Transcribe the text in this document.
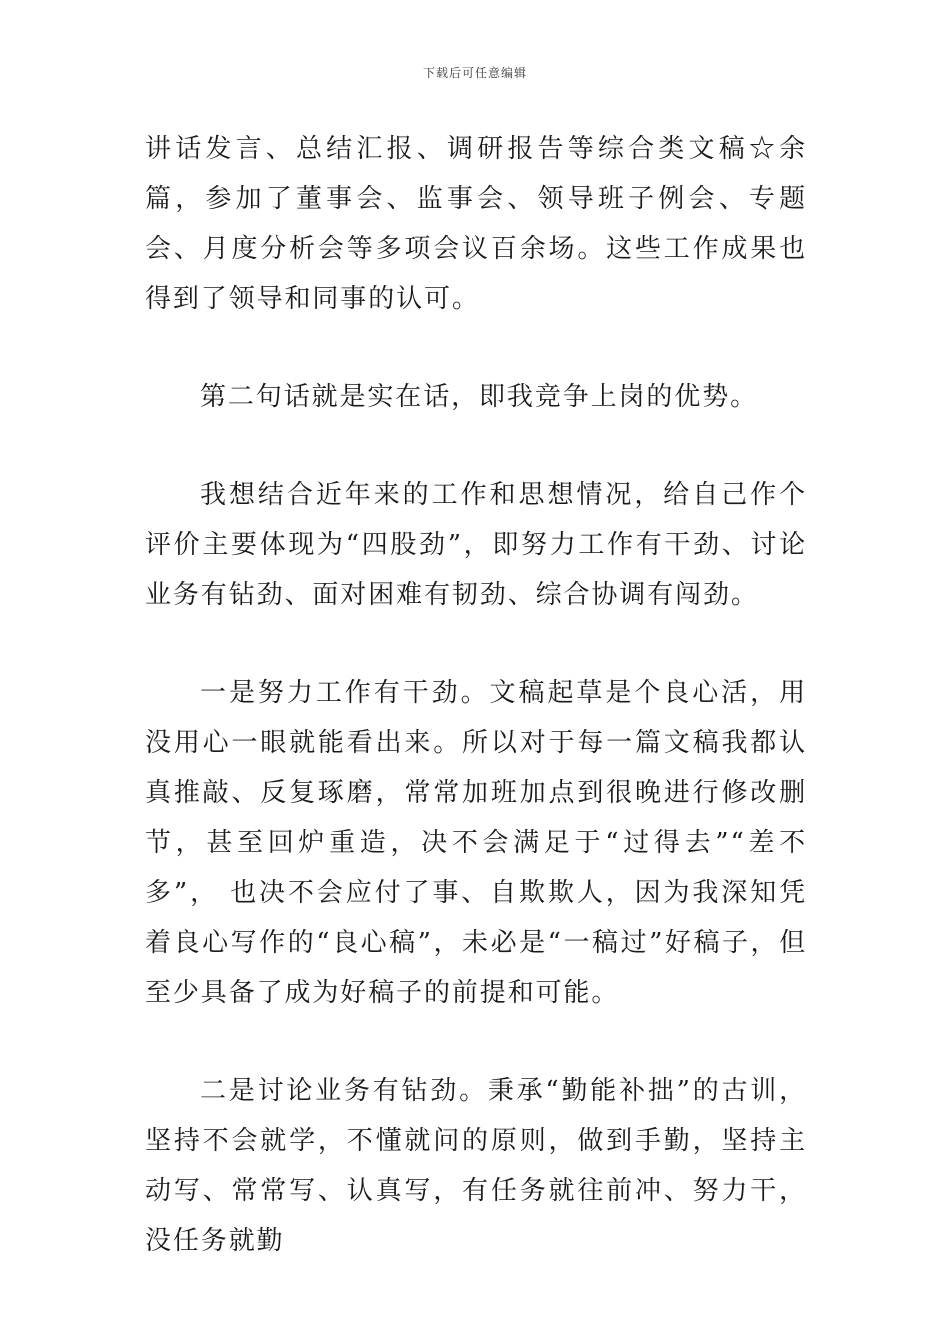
下载后可任意编辑

讲话发言、总结汇报、调研报告等综合类文稿☆余篇，参加了董事会、监事会、领导班子例会、专题会、月度分析会等多项会议百余场。这些工作成果也得到了领导和同事的认可。

第二句话就是实在话，即我竞争上岗的优势。

我想结合近年来的工作和思想情况，给自己作个评价主要体现为“四股劲”，即努力工作有干劲、讨论业务有钻劲、面对困难有韧劲、综合协调有闯劲。

一是努力工作有干劲。文稿起草是个良心活，用没用心一眼就能看出来。所以对于每一篇文稿我都认真推敲、反复琢磨，常常加班加点到很晚进行修改删节，甚至回炉重造，决不会满足于“过得去”“差不多”， 也决不会应付了事、自欺欺人，因为我深知凭着良心写作的“良心稿”，未必是“一稿过”好稿子，但至少具备了成为好稿子的前提和可能。

二是讨论业务有钻劲。秉承“勤能补拙”的古训，坚持不会就学，不懂就问的原则，做到手勤，坚持主动写、常常写、认真写，有任务就往前冲、努力干，没任务就勤
